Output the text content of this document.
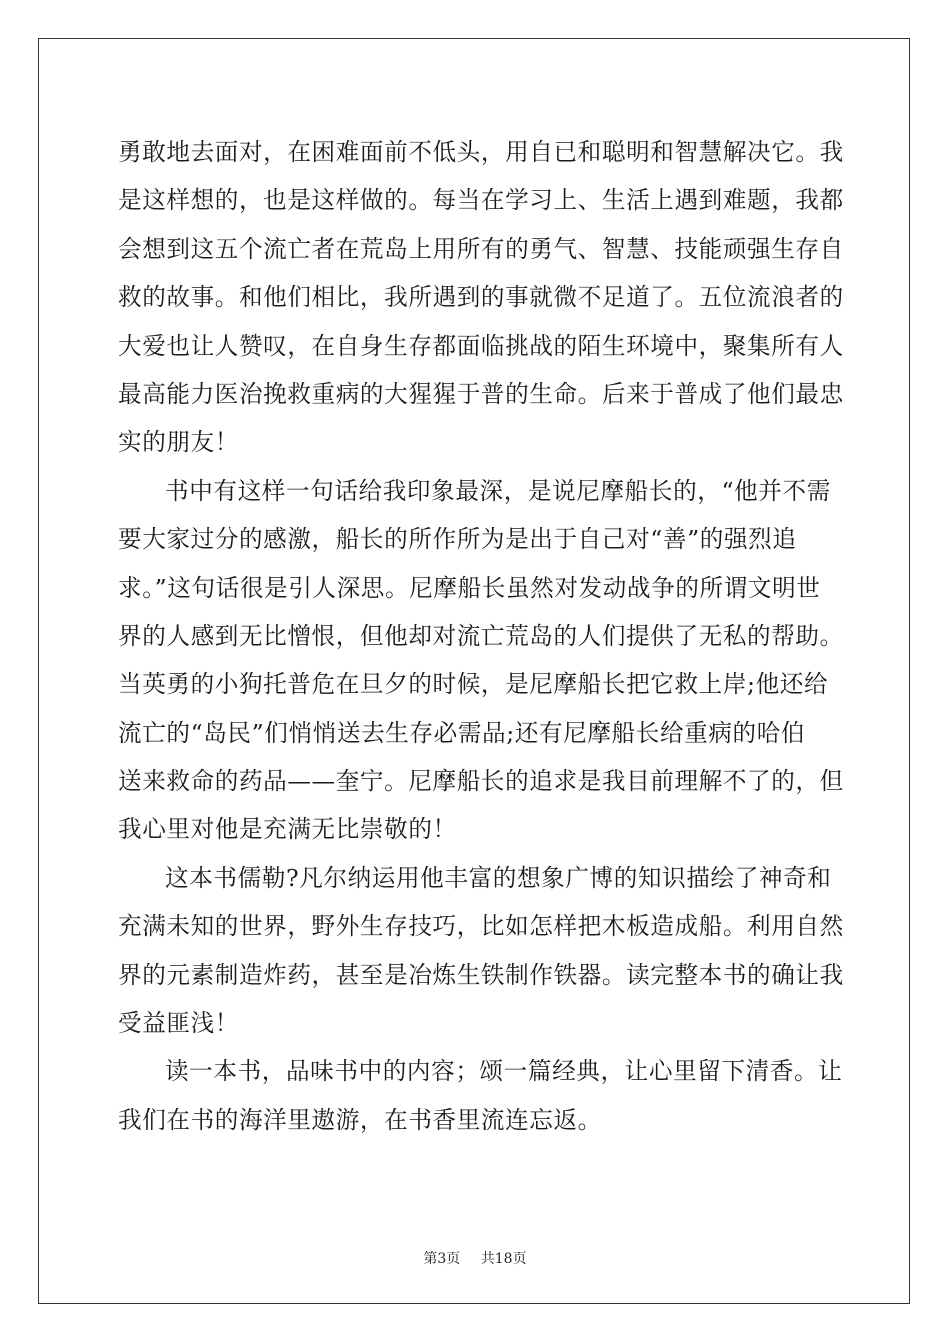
勇敢地去面对，在困难面前不低头，用自已和聪明和智慧解决它。我
是这样想的，也是这样做的。每当在学习上、生活上遇到难题，我都
会想到这五个流亡者在荒岛上用所有的勇气、智慧、技能顽强生存自
救的故事。和他们相比，我所遇到的事就微不足道了。五位流浪者的
大爱也让人赞叹，在自身生存都面临挑战的陌生环境中，聚集所有人
最高能力医治挽救重病的大猩猩于普的生命。后来于普成了他们最忠
实的朋友！
书中有这样一句话给我印象最深，是说尼摩船长的，“他并不需
要大家过分的感激，船长的所作所为是出于自己对“善”的强烈追
求。”这句话很是引人深思。尼摩船长虽然对发动战争的所谓文明世
界的人感到无比憎恨，但他却对流亡荒岛的人们提供了无私的帮助。
当英勇的小狗托普危在旦夕的时候，是尼摩船长把它救上岸;他还给
流亡的“岛民”们悄悄送去生存必需品;还有尼摩船长给重病的哈伯
送来救命的药品——奎宁。尼摩船长的追求是我目前理解不了的，但
我心里对他是充满无比崇敬的！
这本书儒勒?凡尔纳运用他丰富的想象广博的知识描绘了神奇和
充满未知的世界，野外生存技巧，比如怎样把木板造成船。利用自然
界的元素制造炸药，甚至是冶炼生铁制作铁器。读完整本书的确让我
受益匪浅！
读一本书，品味书中的内容；颂一篇经典，让心里留下清香。让
我们在书的海洋里遨游，在书香里流连忘返。
第3页 共18页
